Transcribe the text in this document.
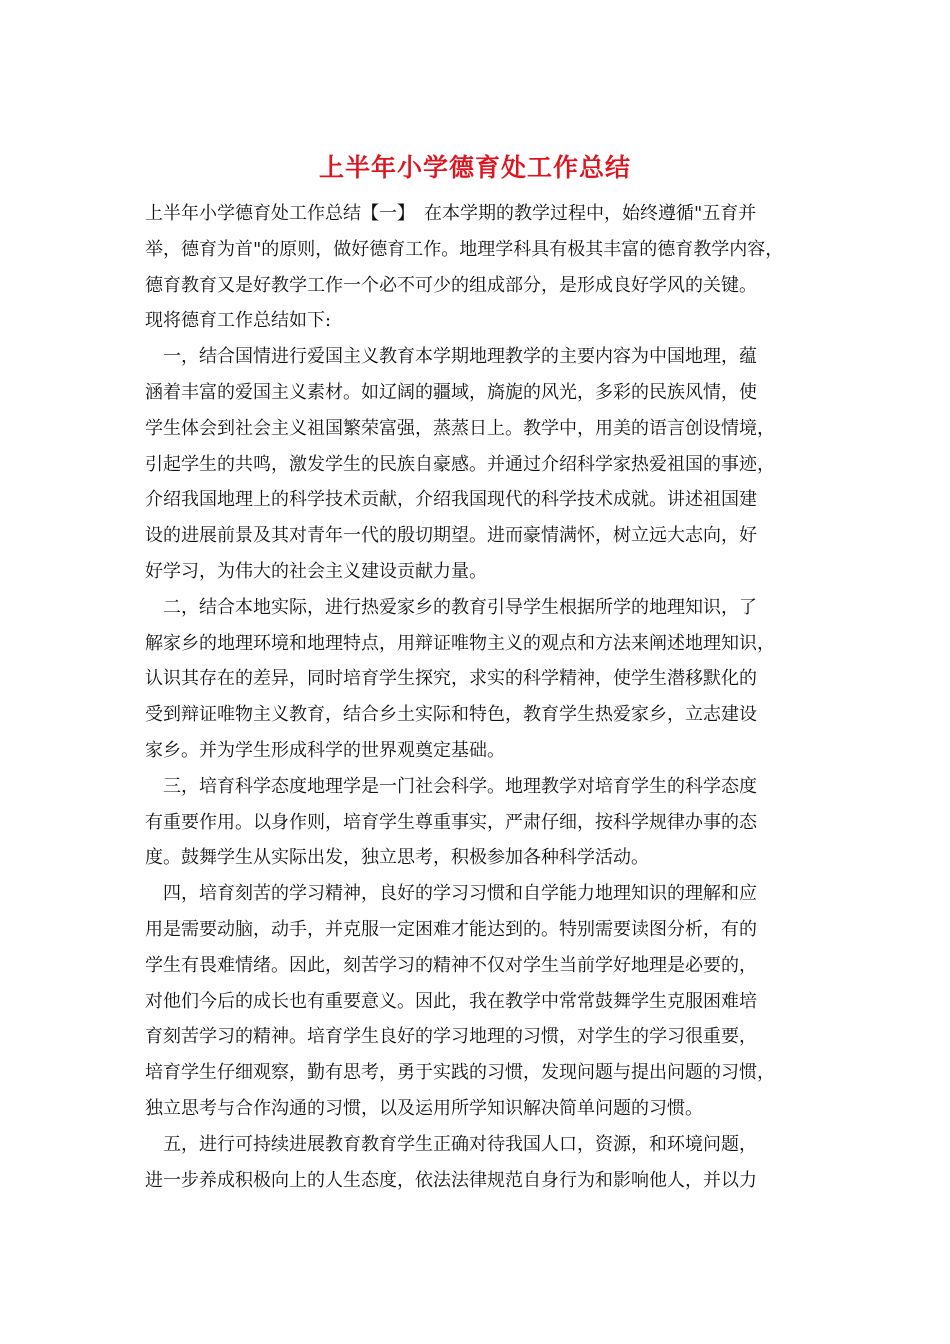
上半年小学德育处工作总结
上半年小学德育处工作总结【一】　在本学期的教学过程中，始终遵循"五育并
举，德育为首"的原则，做好德育工作。地理学科具有极其丰富的德育教学内容，
德育教育又是好教学工作一个必不可少的组成部分，是形成良好学风的关键。
现将德育工作总结如下:
　一，结合国情进行爱国主义教育本学期地理教学的主要内容为中国地理，蕴
涵着丰富的爱国主义素材。如辽阔的疆域，旖旎的风光，多彩的民族风情，使
学生体会到社会主义祖国繁荣富强，蒸蒸日上。教学中，用美的语言创设情境，
引起学生的共鸣，激发学生的民族自豪感。并通过介绍科学家热爱祖国的事迹，
介绍我国地理上的科学技术贡献，介绍我国现代的科学技术成就。讲述祖国建
设的进展前景及其对青年一代的殷切期望。进而豪情满怀，树立远大志向，好
好学习，为伟大的社会主义建设贡献力量。
　二，结合本地实际，进行热爱家乡的教育引导学生根据所学的地理知识，了
解家乡的地理环境和地理特点，用辩证唯物主义的观点和方法来阐述地理知识，
认识其存在的差异，同时培育学生探究，求实的科学精神，使学生潜移默化的
受到辩证唯物主义教育，结合乡土实际和特色，教育学生热爱家乡，立志建设
家乡。并为学生形成科学的世界观奠定基础。
　三，培育科学态度地理学是一门社会科学。地理教学对培育学生的科学态度
有重要作用。以身作则，培育学生尊重事实，严肃仔细，按科学规律办事的态
度。鼓舞学生从实际出发，独立思考，积极参加各种科学活动。
　四，培育刻苦的学习精神，良好的学习习惯和自学能力地理知识的理解和应
用是需要动脑，动手，并克服一定困难才能达到的。特别需要读图分析，有的
学生有畏难情绪。因此，刻苦学习的精神不仅对学生当前学好地理是必要的，
对他们今后的成长也有重要意义。因此，我在教学中常常鼓舞学生克服困难培
育刻苦学习的精神。培育学生良好的学习地理的习惯，对学生的学习很重要，
培育学生仔细观察，勤有思考，勇于实践的习惯，发现问题与提出问题的习惯，
独立思考与合作沟通的习惯，以及运用所学知识解决简单问题的习惯。
　五，进行可持续进展教育教育学生正确对待我国人口，资源，和环境问题，
进一步养成积极向上的人生态度，依法法律规范自身行为和影响他人，并以力
